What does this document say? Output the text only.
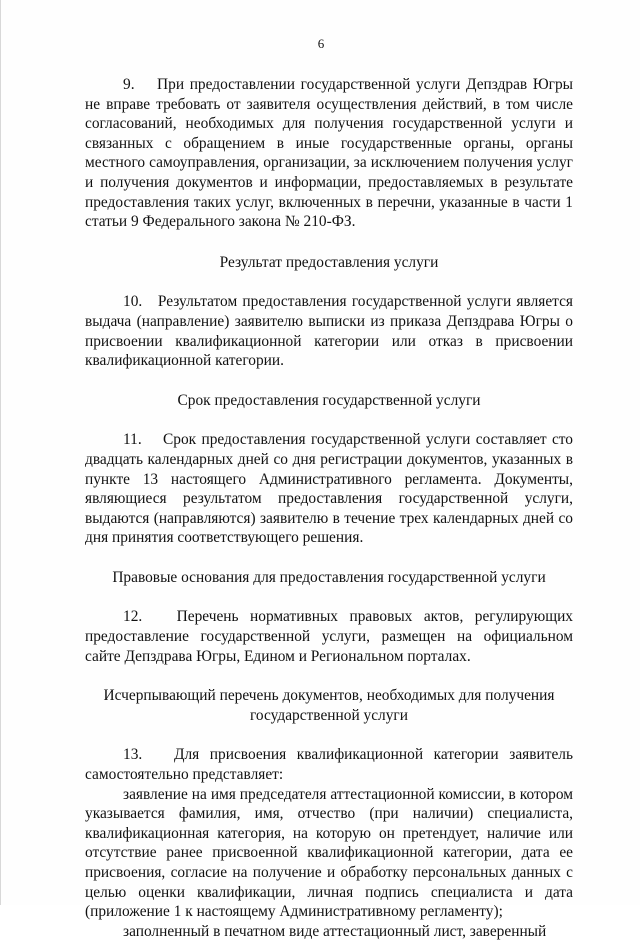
6

9.    При предоставлении государственной услуги Депздрав Югры не вправе требовать от заявителя осуществления действий, в том числе согласований, необходимых для получения государственной услуги и связанных с обращением в иные государственные органы, органы местного самоуправления, организации, за исключением получения услуг и получения документов и информации, предоставляемых в результате предоставления таких услуг, включенных в перечни, указанные в части 1 статьи 9 Федерального закона № 210-ФЗ.

Результат предоставления услуги

10.   Результатом предоставления государственной услуги является выдача (направление) заявителю выписки из приказа Депздрава Югры о присвоении квалификационной категории или отказ в присвоении квалификационной категории.

Срок предоставления государственной услуги

11.    Срок предоставления государственной услуги составляет сто двадцать календарных дней со дня регистрации документов, указанных в пункте 13 настоящего Административного регламента. Документы, являющиеся результатом предоставления государственной услуги, выдаются (направляются) заявителю в течение трех календарных дней со дня принятия соответствующего решения.

Правовые основания для предоставления государственной услуги

12.   Перечень нормативных правовых актов, регулирующих предоставление государственной услуги, размещен на официальном сайте Депздрава Югры, Едином и Региональном порталах.

Исчерпывающий перечень документов, необходимых для получения

государственной услуги

13.   Для присвоения квалификационной категории заявитель самостоятельно представляет:

заявление на имя председателя аттестационной комиссии, в котором указывается фамилия, имя, отчество (при наличии) специалиста, квалификационная категория, на которую он претендует, наличие или отсутствие ранее присвоенной квалификационной категории, дата ее присвоения, согласие на получение и обработку персональных данных с целью оценки квалификации, личная подпись специалиста и дата (приложение 1 к настоящему Административному регламенту);

заполненный в печатном виде аттестационный лист, заверенный
